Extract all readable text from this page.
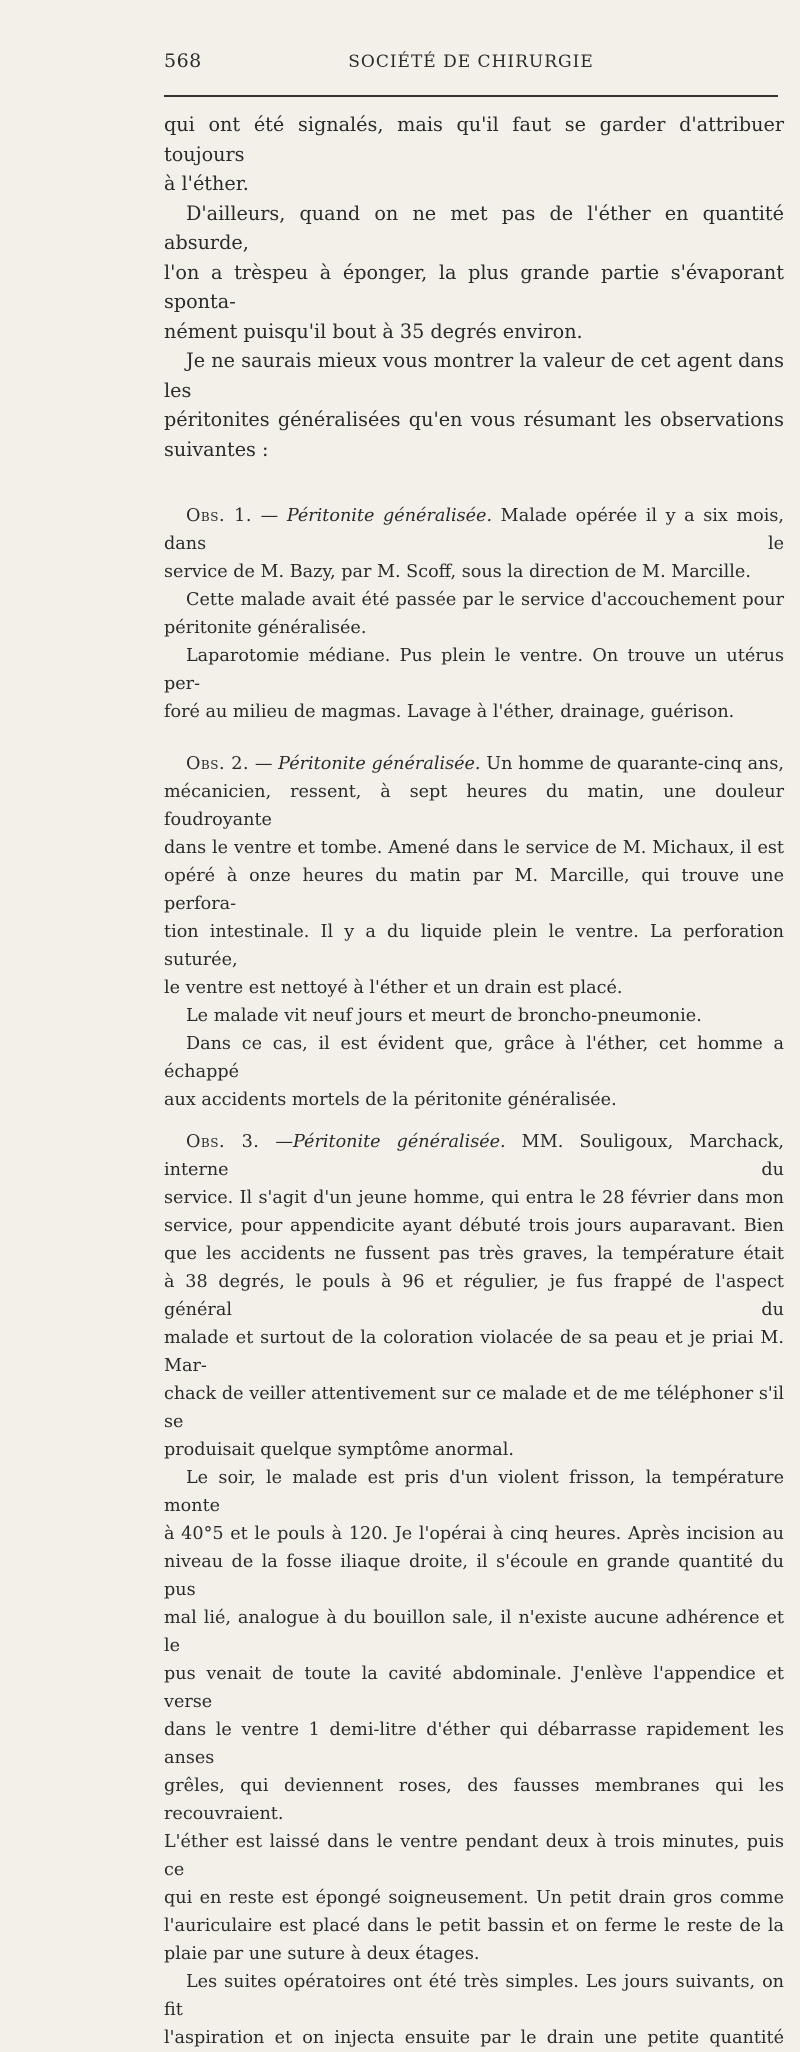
568	SOCIÉTÉ DE CHIRURGIE

qui ont été signalés, mais qu'il faut se garder d'attribuer toujours

à l'éther.

D'ailleurs, quand on ne met pas de l'éther en quantité absurde,

l'on a trèspeu à éponger, la plus grande partie s'évaporant sponta-

nément puisqu'il bout à 35 degrés environ.

Je ne saurais mieux vous montrer la valeur de cet agent dans les

péritonites généralisées qu'en vous résumant les observations

suivantes :

Obs. 1. — Péritonite généralisée. Malade opérée il y a six mois, dans le

service de M. Bazy, par M. Scoff, sous la direction de M. Marcille.

Cette malade avait été passée par le service d'accouchement pour

péritonite généralisée.

Laparotomie médiane. Pus plein le ventre. On trouve un utérus per-

foré au milieu de magmas. Lavage à l'éther, drainage, guérison.

Obs. 2. — Péritonite généralisée. Un homme de quarante-cinq ans,

mécanicien, ressent, à sept heures du matin, une douleur foudroyante

dans le ventre et tombe. Amené dans le service de M. Michaux, il est

opéré à onze heures du matin par M. Marcille, qui trouve une perfora-

tion intestinale. Il y a du liquide plein le ventre. La perforation suturée,

le ventre est nettoyé à l'éther et un drain est placé.

Le malade vit neuf jours et meurt de broncho-pneumonie.

Dans ce cas, il est évident que, grâce à l'éther, cet homme a échappé

aux accidents mortels de la péritonite généralisée.

Obs. 3. —Péritonite généralisée. MM. Souligoux, Marchack, interne du

service. Il s'agit d'un jeune homme, qui entra le 28 février dans mon

service, pour appendicite ayant débuté trois jours auparavant. Bien

que les accidents ne fussent pas très graves, la température était

à 38 degrés, le pouls à 96 et régulier, je fus frappé de l'aspect général du

malade et surtout de la coloration violacée de sa peau et je priai M. Mar-

chack de veiller attentivement sur ce malade et de me téléphoner s'il se

produisait quelque symptôme anormal.

Le soir, le malade est pris d'un violent frisson, la température monte

à 40°5 et le pouls à 120. Je l'opérai à cinq heures. Après incision au

niveau de la fosse iliaque droite, il s'écoule en grande quantité du pus

mal lié, analogue à du bouillon sale, il n'existe aucune adhérence et le

pus venait de toute la cavité abdominale. J'enlève l'appendice et verse

dans le ventre 1 demi-litre d'éther qui débarrasse rapidement les anses

grêles, qui deviennent roses, des fausses membranes qui les recouvraient.

L'éther est laissé dans le ventre pendant deux à trois minutes, puis ce

qui en reste est épongé soigneusement. Un petit drain gros comme

l'auriculaire est placé dans le petit bassin et on ferme le reste de la

plaie par une suture à deux étages.

Les suites opératoires ont été très simples. Les jours suivants, on fit

l'aspiration et on injecta ensuite par le drain une petite quantité
